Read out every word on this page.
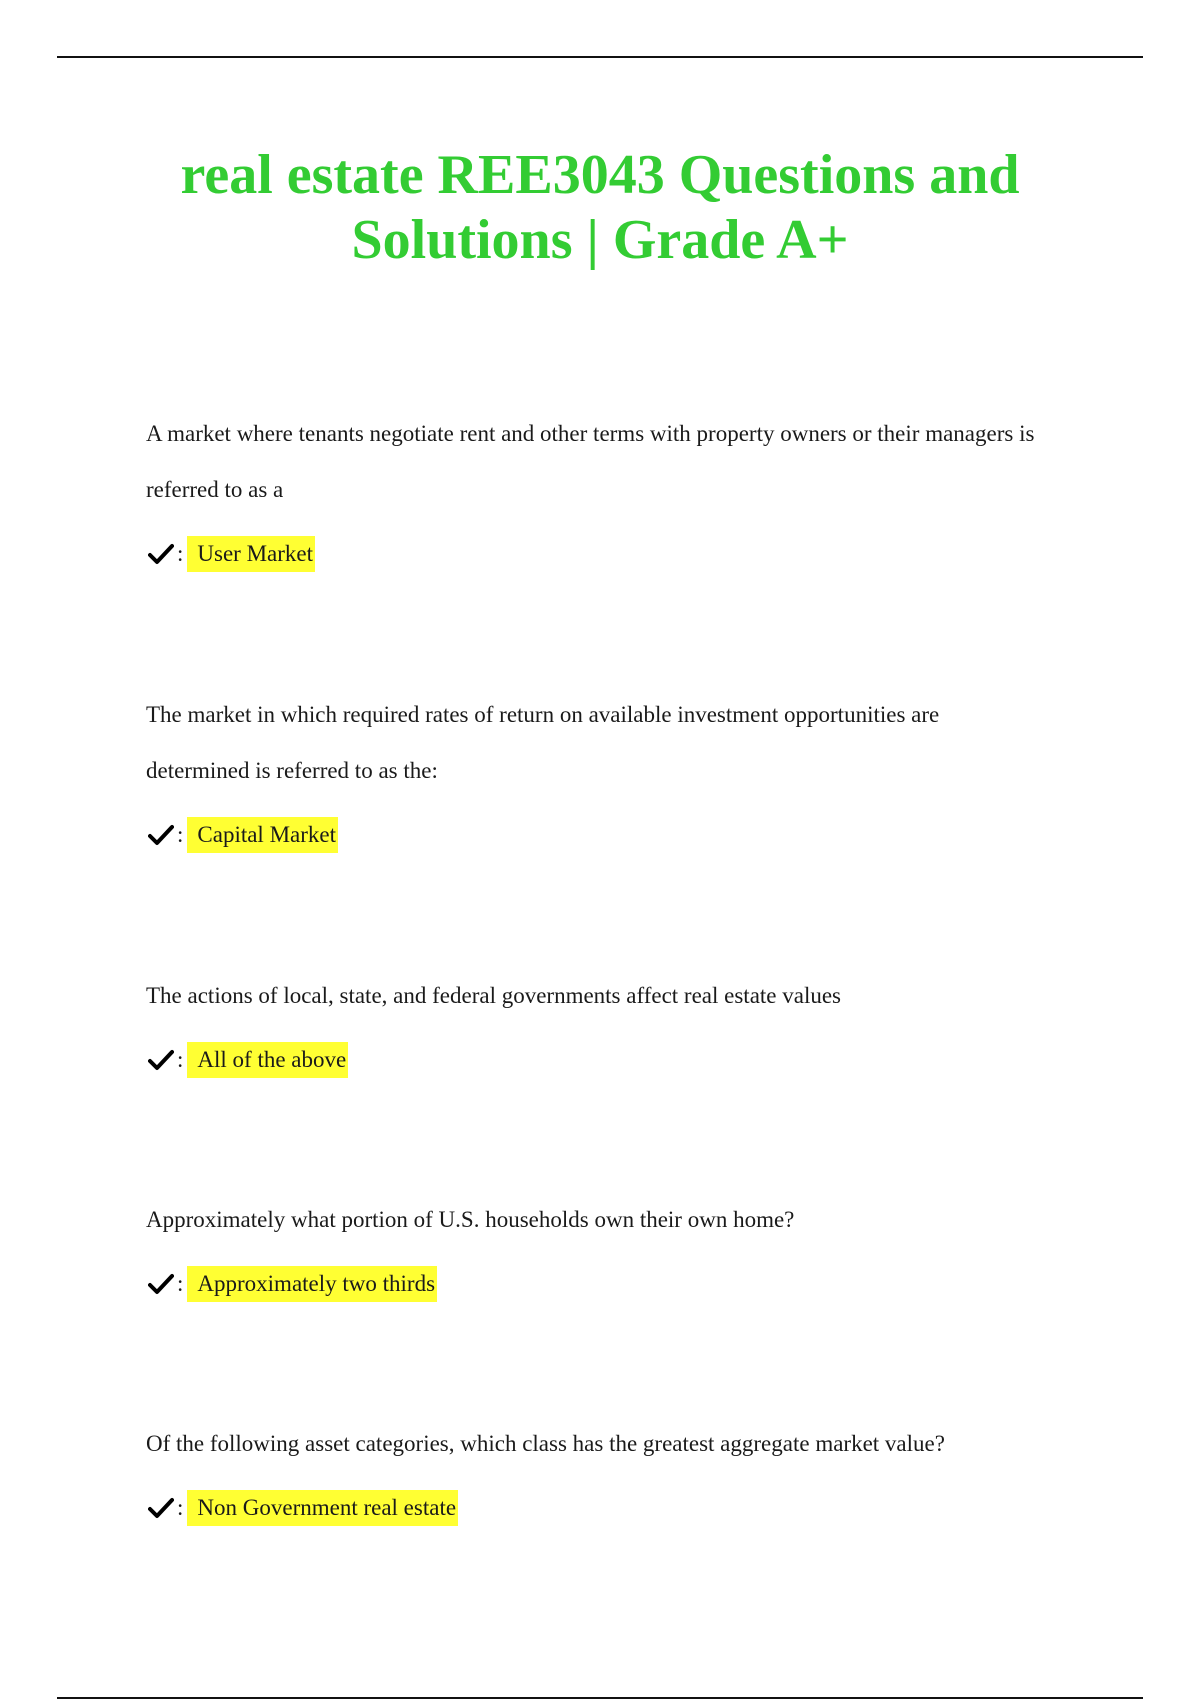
real estate REE3043 Questions and Solutions | Grade A+

A market where tenants negotiate rent and other terms with property owners or their managers is referred to as a

: User Market

The market in which required rates of return on available investment opportunities are determined is referred to as the:

: Capital Market

The actions of local, state, and federal governments affect real estate values

: All of the above

Approximately what portion of U.S. households own their own home?

: Approximately two thirds

Of the following asset categories, which class has the greatest aggregate market value?

: Non Government real estate
